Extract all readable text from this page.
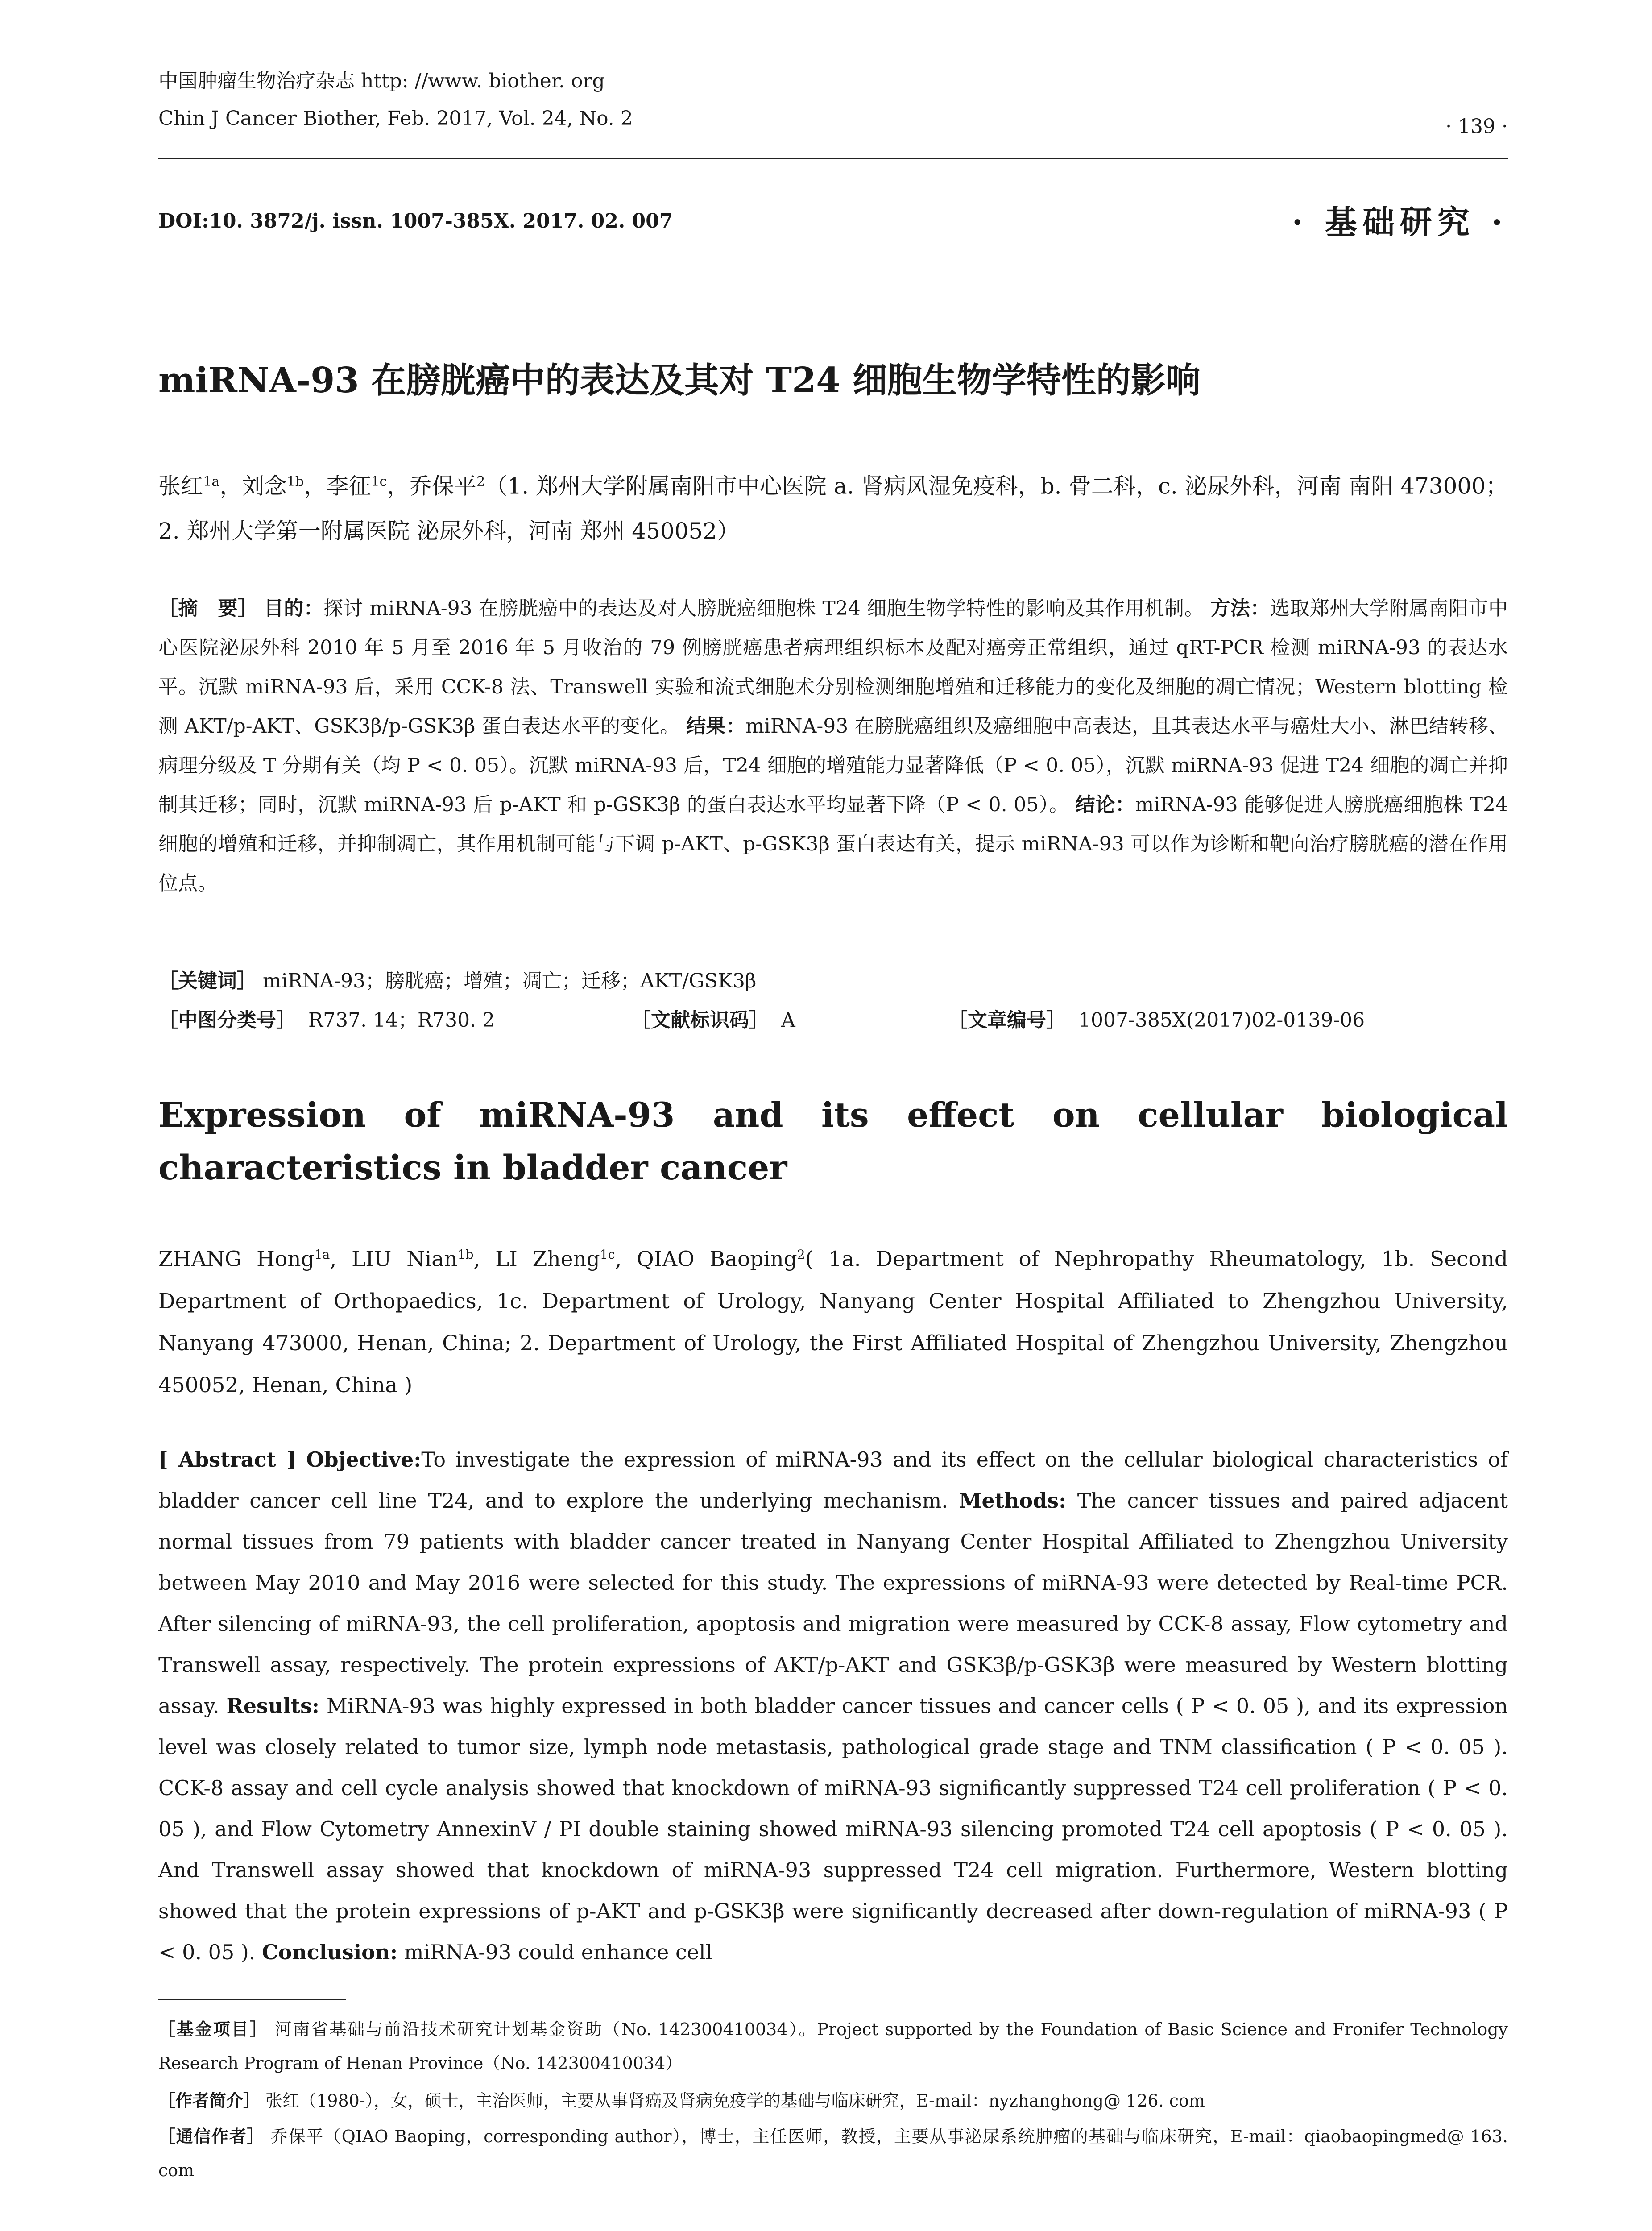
中国肿瘤生物治疗杂志 http: //www. biother. org
Chin J Cancer Biother, Feb. 2017, Vol. 24, No. 2	· 139 ·
DOI:10. 3872/j. issn. 1007-385X. 2017. 02. 007	· 基础研究 ·
miRNA-93 在膀胱癌中的表达及其对 T24 细胞生物学特性的影响
张红$^{1a}$，刘念$^{1b}$，李征$^{1c}$，乔保平$^2$（1. 郑州大学附属南阳市中心医院 a. 肾病风湿免疫科，b. 骨二科，c. 泌尿外科，河南 南阳 473000；2. 郑州大学第一附属医院 泌尿外科，河南 郑州 450052）
［摘　要］ 目的：探讨 miRNA-93 在膀胱癌中的表达及对人膀胱癌细胞株 T24 细胞生物学特性的影响及其作用机制。 方法：选取郑州大学附属南阳市中心医院泌尿外科 2010 年 5 月至 2016 年 5 月收治的 79 例膀胱癌患者病理组织标本及配对癌旁正常组织，通过 qRT-PCR 检测 miRNA-93 的表达水平。沉默 miRNA-93 后，采用 CCK-8 法、Transwell 实验和流式细胞术分别检测细胞增殖和迁移能力的变化及细胞的凋亡情况；Western blotting 检测 AKT/p-AKT、GSK3β/p-GSK3β 蛋白表达水平的变化。 结果：miRNA-93 在膀胱癌组织及癌细胞中高表达，且其表达水平与癌灶大小、淋巴结转移、病理分级及 T 分期有关（均 P < 0. 05）。沉默 miRNA-93 后，T24 细胞的增殖能力显著降低（P < 0. 05），沉默 miRNA-93 促进 T24 细胞的凋亡并抑制其迁移；同时，沉默 miRNA-93 后 p-AKT 和 p-GSK3β 的蛋白表达水平均显著下降（P < 0. 05）。 结论：miRNA-93 能够促进人膀胱癌细胞株 T24 细胞的增殖和迁移，并抑制凋亡，其作用机制可能与下调 p-AKT、p-GSK3β 蛋白表达有关，提示 miRNA-93 可以作为诊断和靶向治疗膀胱癌的潜在作用位点。
［关键词］ miRNA-93；膀胱癌；增殖；凋亡；迁移；AKT/GSK3β
［中图分类号］ R737. 14；R730. 2	［文献标识码］ A	［文章编号］ 1007-385X(2017)02-0139-06
Expression of miRNA-93 and its effect on cellular biological characteristics in bladder cancer
ZHANG Hong$^{1a}$, LIU Nian$^{1b}$, LI Zheng$^{1c}$, QIAO Baoping$^2$( 1a. Department of Nephropathy Rheumatology, 1b. Second Department of Orthopaedics, 1c. Department of Urology, Nanyang Center Hospital Affiliated to Zhengzhou University, Nanyang 473000, Henan, China; 2. Department of Urology, the First Affiliated Hospital of Zhengzhou University, Zhengzhou 450052, Henan, China )
[ Abstract ] Objective:To investigate the expression of miRNA-93 and its effect on the cellular biological characteristics of bladder cancer cell line T24, and to explore the underlying mechanism. Methods: The cancer tissues and paired adjacent normal tissues from 79 patients with bladder cancer treated in Nanyang Center Hospital Affiliated to Zhengzhou University between May 2010 and May 2016 were selected for this study. The expressions of miRNA-93 were detected by Real-time PCR. After silencing of miRNA-93, the cell proliferation, apoptosis and migration were measured by CCK-8 assay, Flow cytometry and Transwell assay, respectively. The protein expressions of AKT/p-AKT and GSK3β/p-GSK3β were measured by Western blotting assay. Results: MiRNA-93 was highly expressed in both bladder cancer tissues and cancer cells ( P < 0. 05 ), and its expression level was closely related to tumor size, lymph node metastasis, pathological grade stage and TNM classification ( P < 0. 05 ). CCK-8 assay and cell cycle analysis showed that knockdown of miRNA-93 significantly suppressed T24 cell proliferation ( P < 0. 05 ), and Flow Cytometry AnnexinV / PI double staining showed miRNA-93 silencing promoted T24 cell apoptosis ( P < 0. 05 ). And Transwell assay showed that knockdown of miRNA-93 suppressed T24 cell migration. Furthermore, Western blotting showed that the protein expressions of p-AKT and p-GSK3β were significantly decreased after down-regulation of miRNA-93 ( P < 0. 05 ). Conclusion: miRNA-93 could enhance cell
［基金项目］ 河南省基础与前沿技术研究计划基金资助（No. 142300410034）。Project supported by the Foundation of Basic Science and Fronifer Technology Research Program of Henan Province（No. 142300410034）
［作者简介］ 张红（1980-），女，硕士，主治医师，主要从事肾癌及肾病免疫学的基础与临床研究，E-mail：nyzhanghong@ 126. com
［通信作者］ 乔保平（QIAO Baoping，corresponding author），博士，主任医师，教授，主要从事泌尿系统肿瘤的基础与临床研究，E-mail：qiaobaopingmed@ 163. com
